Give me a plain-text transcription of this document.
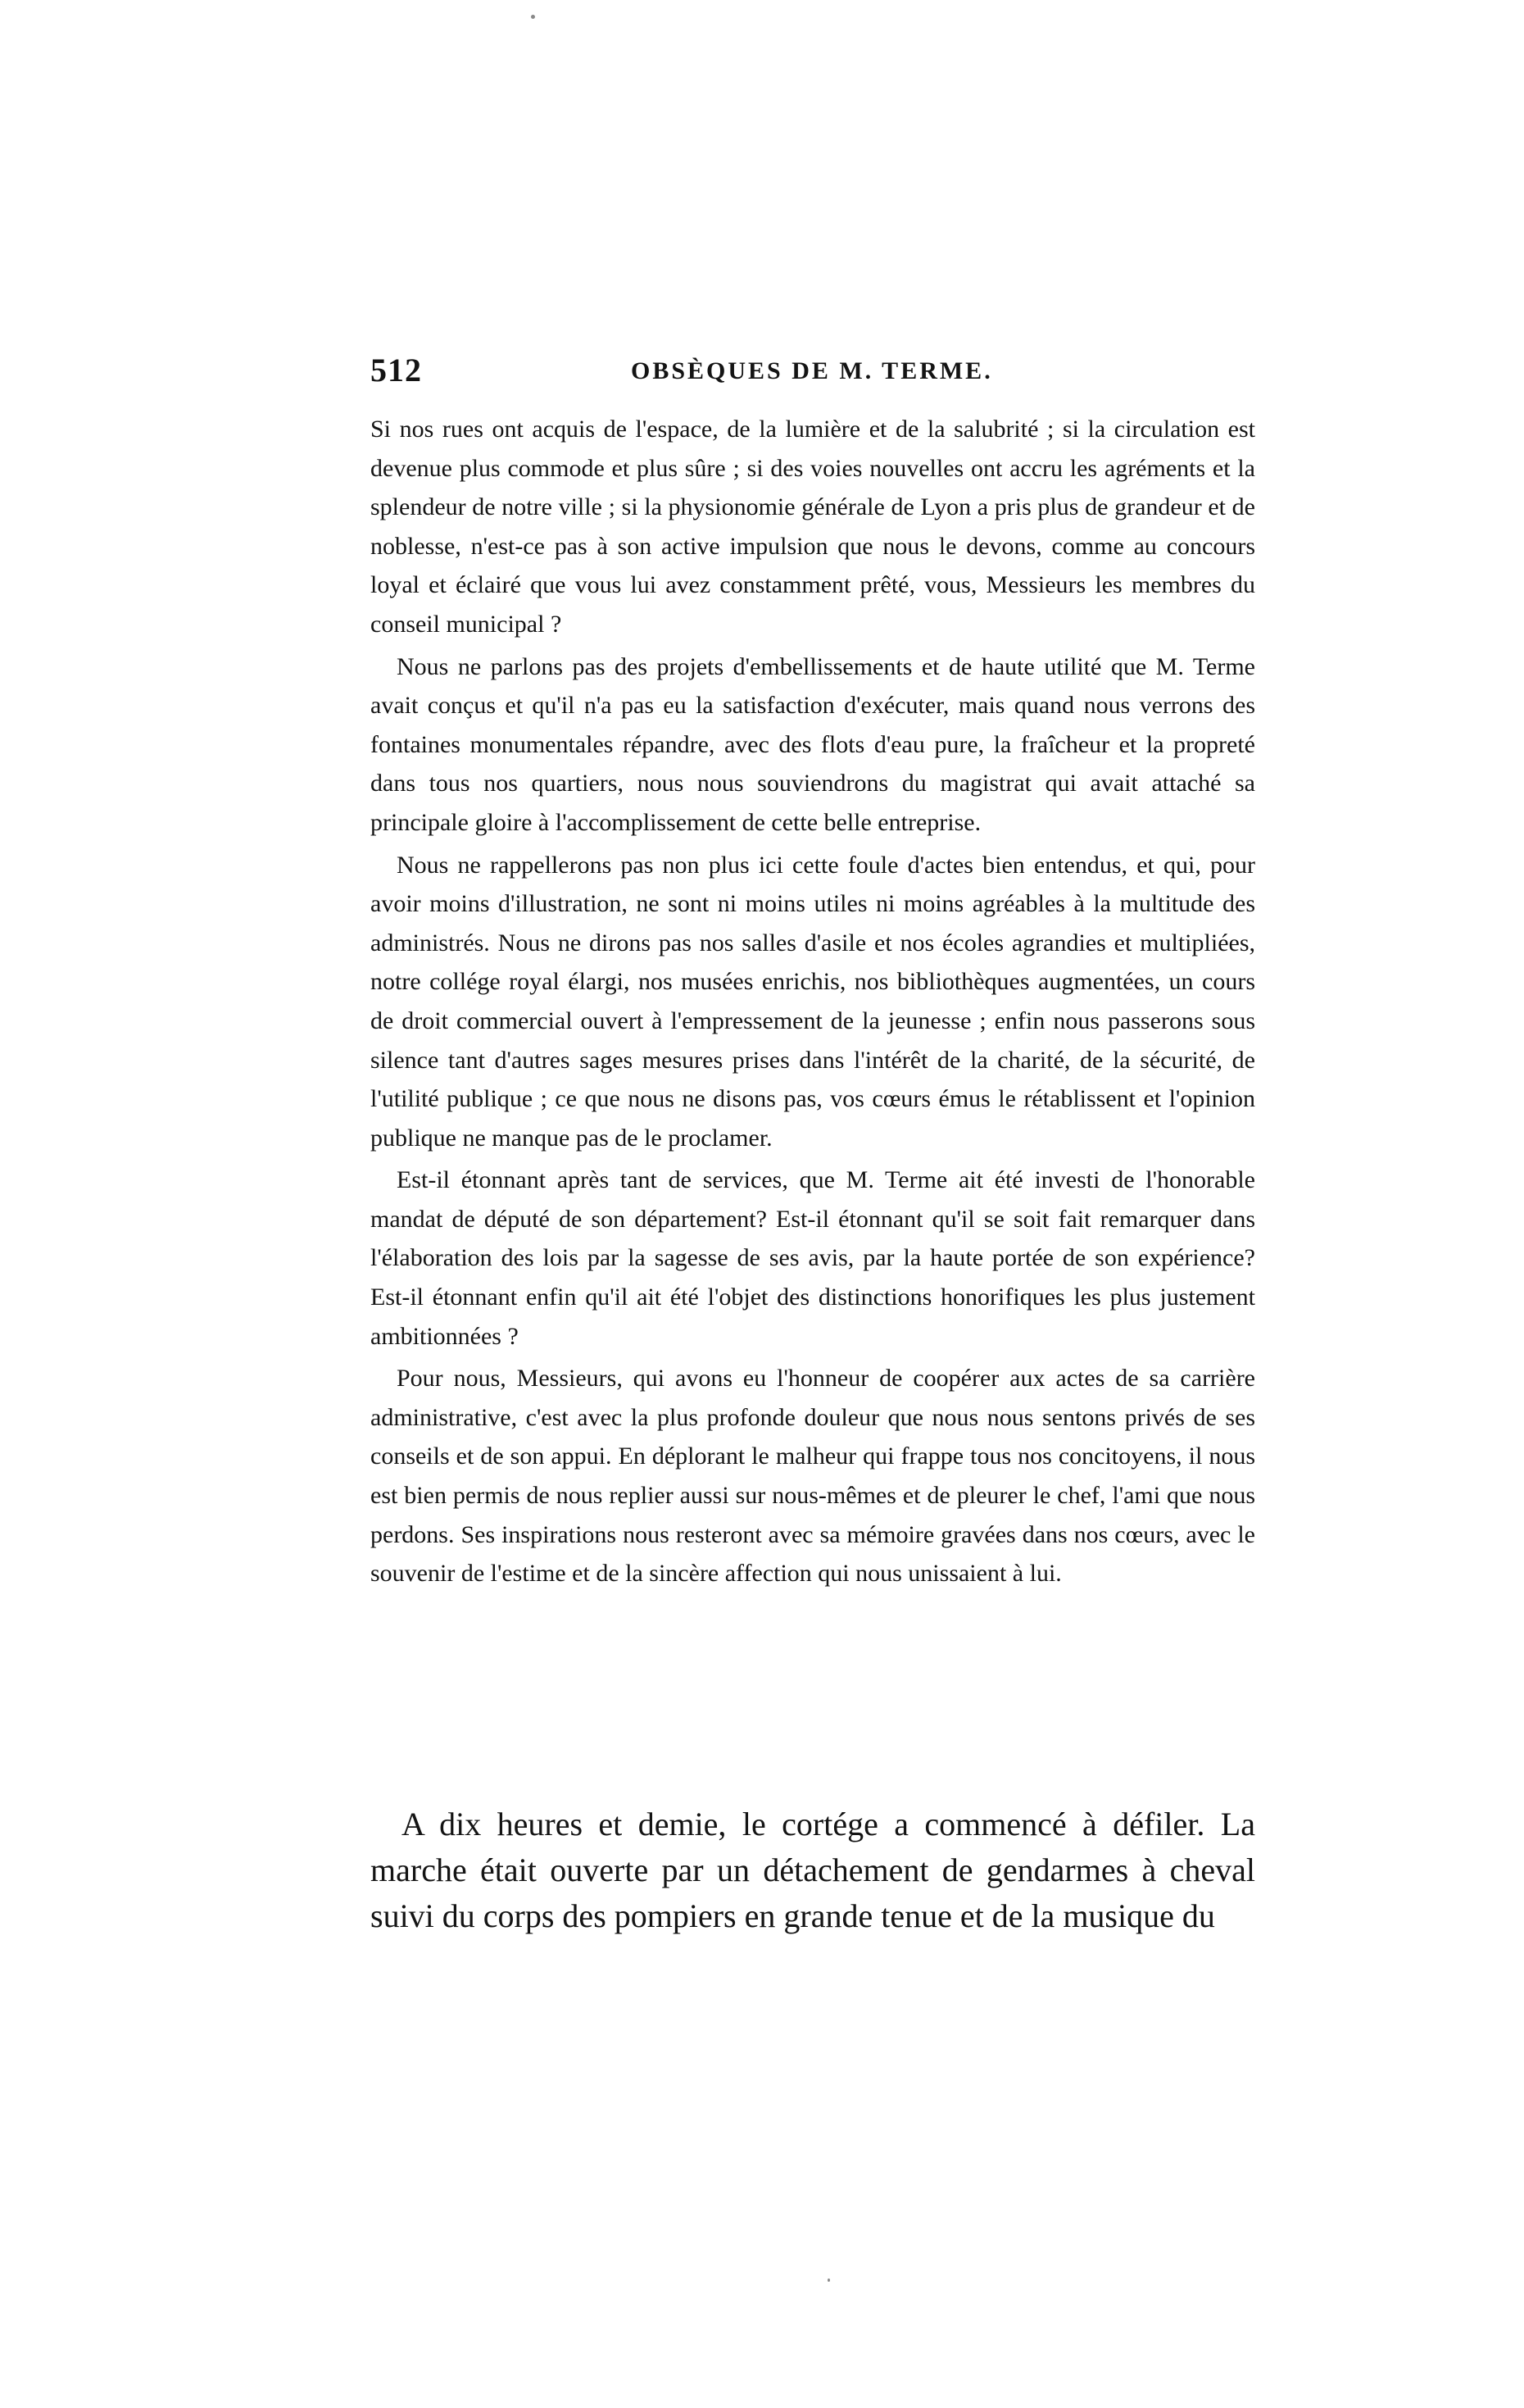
512	OBSÈQUES DE M. TERME.

Si nos rues ont acquis de l'espace, de la lumière et de la salubrité ; si la circulation est devenue plus commode et plus sûre ; si des voies nouvelles ont accru les agréments et la splendeur de notre ville ; si la physionomie générale de Lyon a pris plus de grandeur et de noblesse, n'est-ce pas à son active impulsion que nous le devons, comme au concours loyal et éclairé que vous lui avez constamment prêté, vous, Messieurs les membres du conseil municipal ?

Nous ne parlons pas des projets d'embellissements et de haute utilité que M. Terme avait conçus et qu'il n'a pas eu la satisfaction d'exécuter, mais quand nous verrons des fontaines monumentales répandre, avec des flots d'eau pure, la fraîcheur et la propreté dans tous nos quartiers, nous nous souviendrons du magistrat qui avait attaché sa principale gloire à l'accomplissement de cette belle entreprise.

Nous ne rappellerons pas non plus ici cette foule d'actes bien entendus, et qui, pour avoir moins d'illustration, ne sont ni moins utiles ni moins agréables à la multitude des administrés. Nous ne dirons pas nos salles d'asile et nos écoles agrandies et multipliées, notre collége royal élargi, nos musées enrichis, nos bibliothèques augmentées, un cours de droit commercial ouvert à l'empressement de la jeunesse ; enfin nous passerons sous silence tant d'autres sages mesures prises dans l'intérêt de la charité, de la sécurité, de l'utilité publique ; ce que nous ne disons pas, vos cœurs émus le rétablissent et l'opinion publique ne manque pas de le proclamer.

Est-il étonnant après tant de services, que M. Terme ait été investi de l'honorable mandat de député de son département? Est-il étonnant qu'il se soit fait remarquer dans l'élaboration des lois par la sagesse de ses avis, par la haute portée de son expérience? Est-il étonnant enfin qu'il ait été l'objet des distinctions honorifiques les plus justement ambitionnées ?

Pour nous, Messieurs, qui avons eu l'honneur de coopérer aux actes de sa carrière administrative, c'est avec la plus profonde douleur que nous nous sentons privés de ses conseils et de son appui. En déplorant le malheur qui frappe tous nos concitoyens, il nous est bien permis de nous replier aussi sur nous-mêmes et de pleurer le chef, l'ami que nous perdons. Ses inspirations nous resteront avec sa mémoire gravées dans nos cœurs, avec le souvenir de l'estime et de la sincère affection qui nous unissaient à lui.

A dix heures et demie, le cortége a commencé à défiler. La marche était ouverte par un détachement de gendarmes à cheval suivi du corps des pompiers en grande tenue et de la musique du
